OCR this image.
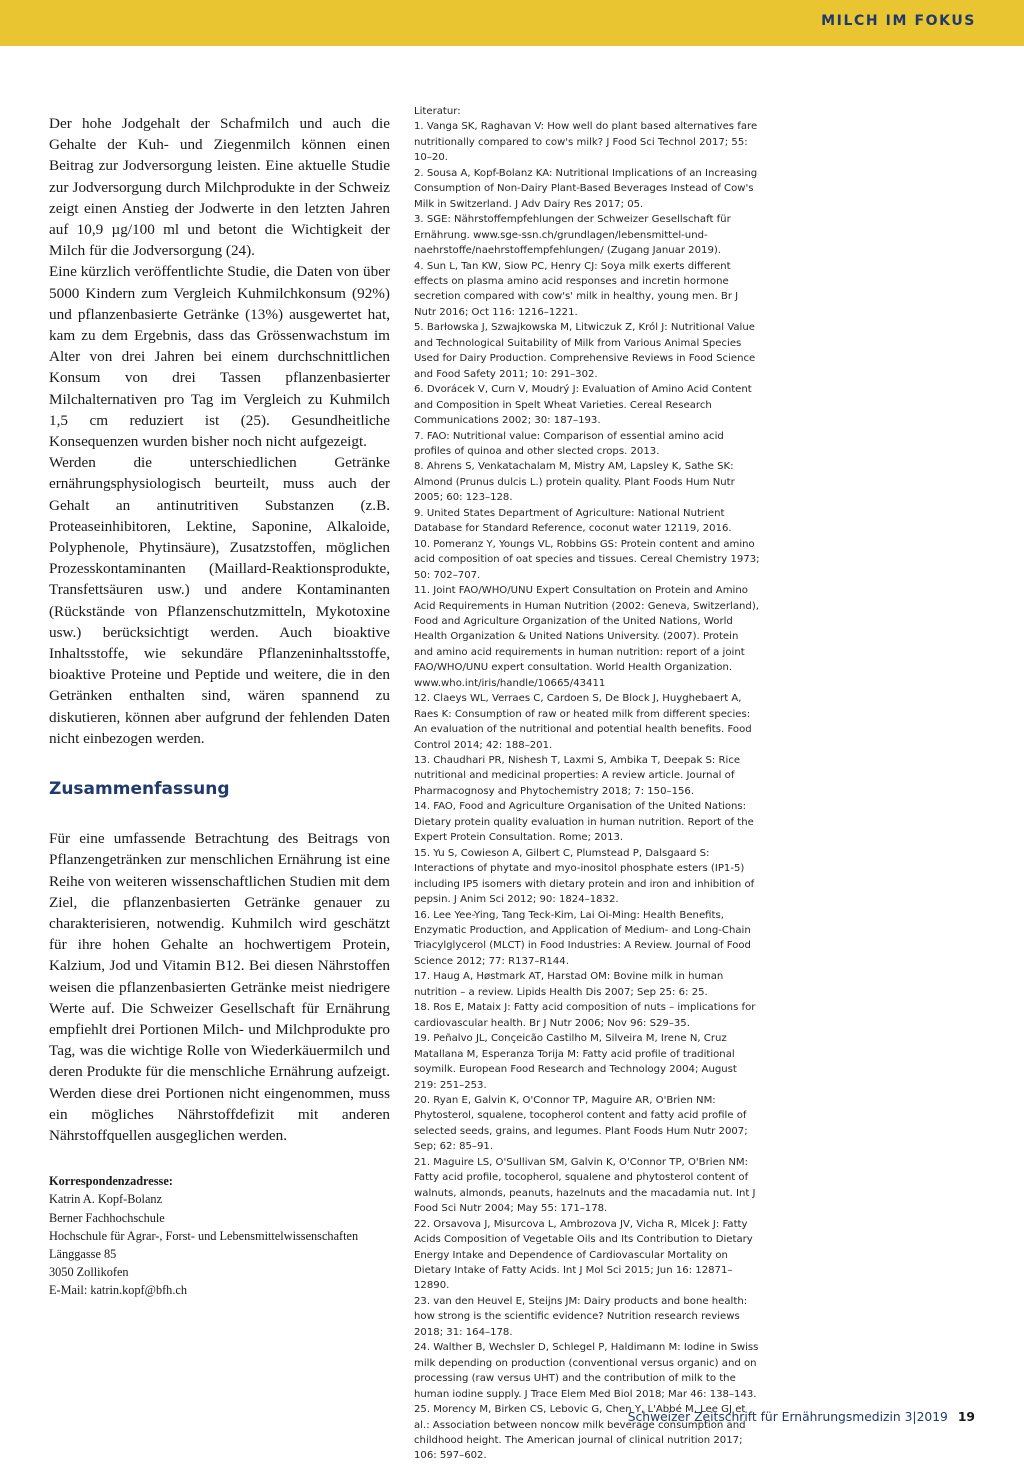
MILCH IM FOKUS

Der hohe Jodgehalt der Schafmilch und auch die Gehalte der Kuh- und Ziegenmilch können einen Beitrag zur Jodversorgung leisten. Eine aktuelle Studie zur Jodversorgung durch Milchprodukte in der Schweiz zeigt einen Anstieg der Jodwerte in den letzten Jahren auf 10,9 µg/100 ml und betont die Wichtigkeit der Milch für die Jodversorgung (24).

Eine kürzlich veröffentlichte Studie, die Daten von über 5000 Kindern zum Vergleich Kuhmilchkonsum (92%) und pflanzenbasierte Getränke (13%) ausgewertet hat, kam zu dem Ergebnis, dass das Grössenwachstum im Alter von drei Jahren bei einem durchschnittlichen Konsum von drei Tassen pflanzenbasierter Milchalternativen pro Tag im Vergleich zu Kuhmilch 1,5 cm reduziert ist (25). Gesundheitliche Konsequenzen wurden bisher noch nicht aufgezeigt.

Werden die unterschiedlichen Getränke ernährungsphysiologisch beurteilt, muss auch der Gehalt an antinutritiven Substanzen (z.B. Proteaseinhibitoren, Lektine, Saponine, Alkaloide, Polyphenole, Phytinsäure), Zusatzstoffen, möglichen Prozesskontaminanten (Maillard-Reaktionsprodukte, Transfettsäuren usw.) und andere Kontaminanten (Rückstände von Pflanzenschutzmitteln, Mykotoxine usw.) berücksichtigt werden. Auch bioaktive Inhaltsstoffe, wie sekundäre Pflanzeninhaltsstoffe, bioaktive Proteine und Peptide und weitere, die in den Getränken enthalten sind, wären spannend zu diskutieren, können aber aufgrund der fehlenden Daten nicht einbezogen werden.

Zusammenfassung

Für eine umfassende Betrachtung des Beitrags von Pflanzengetränken zur menschlichen Ernährung ist eine Reihe von weiteren wissenschaftlichen Studien mit dem Ziel, die pflanzenbasierten Getränke genauer zu charakterisieren, notwendig. Kuhmilch wird geschätzt für ihre hohen Gehalte an hochwertigem Protein, Kalzium, Jod und Vitamin B12. Bei diesen Nährstoffen weisen die pflanzenbasierten Getränke meist niedrigere Werte auf. Die Schweizer Gesellschaft für Ernährung empfiehlt drei Portionen Milch- und Milchprodukte pro Tag, was die wichtige Rolle von Wiederkäuermilch und deren Produkte für die menschliche Ernährung aufzeigt. Werden diese drei Portionen nicht eingenommen, muss ein mögliches Nährstoffdefizit mit anderen Nährstoffquellen ausgeglichen werden.

Korrespondenzadresse:
Katrin A. Kopf-Bolanz
Berner Fachhochschule
Hochschule für Agrar-, Forst- und Lebensmittelwissenschaften
Länggasse 85
3050 Zollikofen
E-Mail: katrin.kopf@bfh.ch
Literatur:
1. Vanga SK, Raghavan V: How well do plant based alternatives fare nutritionally compared to cow's milk? J Food Sci Technol 2017; 55: 10–20.
2. Sousa A, Kopf-Bolanz KA: Nutritional Implications of an Increasing Consumption of Non-Dairy Plant-Based Beverages Instead of Cow's Milk in Switzerland. J Adv Dairy Res 2017; 05.
3. SGE: Nährstoffempfehlungen der Schweizer Gesellschaft für Ernährung. www.sge-ssn.ch/grundlagen/lebensmittel-und-naehrstoffe/naehrstoffempfehlungen/ (Zugang Januar 2019).
4. Sun L, Tan KW, Siow PC, Henry CJ: Soya milk exerts different effects on plasma amino acid responses and incretin hormone secretion compared with cow's' milk in healthy, young men. Br J Nutr 2016; Oct 116: 1216–1221.
5. Barłowska J, Szwajkowska M, Litwiczuk Z, Król J: Nutritional Value and Technological Suitability of Milk from Various Animal Species Used for Dairy Production. Comprehensive Reviews in Food Science and Food Safety 2011; 10: 291–302.
6. Dvorácek V, Curn V, Moudrý J: Evaluation of Amino Acid Content and Composition in Spelt Wheat Varieties. Cereal Research Communications 2002; 30: 187–193.
7. FAO: Nutritional value: Comparison of essential amino acid profiles of quinoa and other slected crops. 2013.
8. Ahrens S, Venkatachalam M, Mistry AM, Lapsley K, Sathe SK: Almond (Prunus dulcis L.) protein quality. Plant Foods Hum Nutr 2005; 60: 123–128.
9. United States Department of Agriculture: National Nutrient Database for Standard Reference, coconut water 12119, 2016.
10. Pomeranz Y, Youngs VL, Robbins GS: Protein content and amino acid composition of oat species and tissues. Cereal Chemistry 1973; 50: 702–707.
11. Joint FAO/WHO/UNU Expert Consultation on Protein and Amino Acid Requirements in Human Nutrition (2002: Geneva, Switzerland), Food and Agriculture Organization of the United Nations, World Health Organization & United Nations University. (2007). Protein and amino acid requirements in human nutrition: report of a joint FAO/WHO/UNU expert consultation. World Health Organization. www.who.int/iris/handle/10665/43411
12. Claeys WL, Verraes C, Cardoen S, De Block J, Huyghebaert A, Raes K: Consumption of raw or heated milk from different species: An evaluation of the nutritional and potential health benefits. Food Control 2014; 42: 188–201.
13. Chaudhari PR, Nishesh T, Laxmi S, Ambika T, Deepak S: Rice nutritional and medicinal properties: A review article. Journal of Pharmacognosy and Phytochemistry 2018; 7: 150–156.
14. FAO, Food and Agriculture Organisation of the United Nations: Dietary protein quality evaluation in human nutrition. Report of the Expert Protein Consultation. Rome; 2013.
15. Yu S, Cowieson A, Gilbert C, Plumstead P, Dalsgaard S: Interactions of phytate and myo-inositol phosphate esters (IP1-5) including IP5 isomers with dietary protein and iron and inhibition of pepsin. J Anim Sci 2012; 90: 1824–1832.
16. Lee Yee-Ying, Tang Teck-Kim, Lai Oi-Ming: Health Benefits, Enzymatic Production, and Application of Medium- and Long-Chain Triacylglycerol (MLCT) in Food Industries: A Review. Journal of Food Science 2012; 77: R137–R144.
17. Haug A, Høstmark AT, Harstad OM: Bovine milk in human nutrition – a review. Lipids Health Dis 2007; Sep 25: 6: 25.
18. Ros E, Mataix J: Fatty acid composition of nuts – implications for cardiovascular health. Br J Nutr 2006; Nov 96: S29–35.
19. Peñalvo JL, Conçeicão Castilho M, Silveira M, Irene N, Cruz Matallana M, Esperanza Torija M: Fatty acid profile of traditional soymilk. European Food Research and Technology 2004; August 219: 251–253.
20. Ryan E, Galvin K, O'Connor TP, Maguire AR, O'Brien NM: Phytosterol, squalene, tocopherol content and fatty acid profile of selected seeds, grains, and legumes. Plant Foods Hum Nutr 2007; Sep; 62: 85–91.
21. Maguire LS, O'Sullivan SM, Galvin K, O'Connor TP, O'Brien NM: Fatty acid profile, tocopherol, squalene and phytosterol content of walnuts, almonds, peanuts, hazelnuts and the macadamia nut. Int J Food Sci Nutr 2004; May 55: 171–178.
22. Orsavova J, Misurcova L, Ambrozova JV, Vicha R, Mlcek J: Fatty Acids Composition of Vegetable Oils and Its Contribution to Dietary Energy Intake and Dependence of Cardiovascular Mortality on Dietary Intake of Fatty Acids. Int J Mol Sci 2015; Jun 16: 12871–12890.
23. van den Heuvel E, Steijns JM: Dairy products and bone health: how strong is the scientific evidence? Nutrition research reviews 2018; 31: 164–178.
24. Walther B, Wechsler D, Schlegel P, Haldimann M: Iodine in Swiss milk depending on production (conventional versus organic) and on processing (raw versus UHT) and the contribution of milk to the human iodine supply. J Trace Elem Med Biol 2018; Mar 46: 138–143.
25. Morency M, Birken CS, Lebovic G, Chen Y, L'Abbé M, Lee GJ et al.: Association between noncow milk beverage consumption and childhood height. The American journal of clinical nutrition 2017; 106: 597–602.
Schweizer Zeitschrift für Ernährungsmedizin 3|2019 19
